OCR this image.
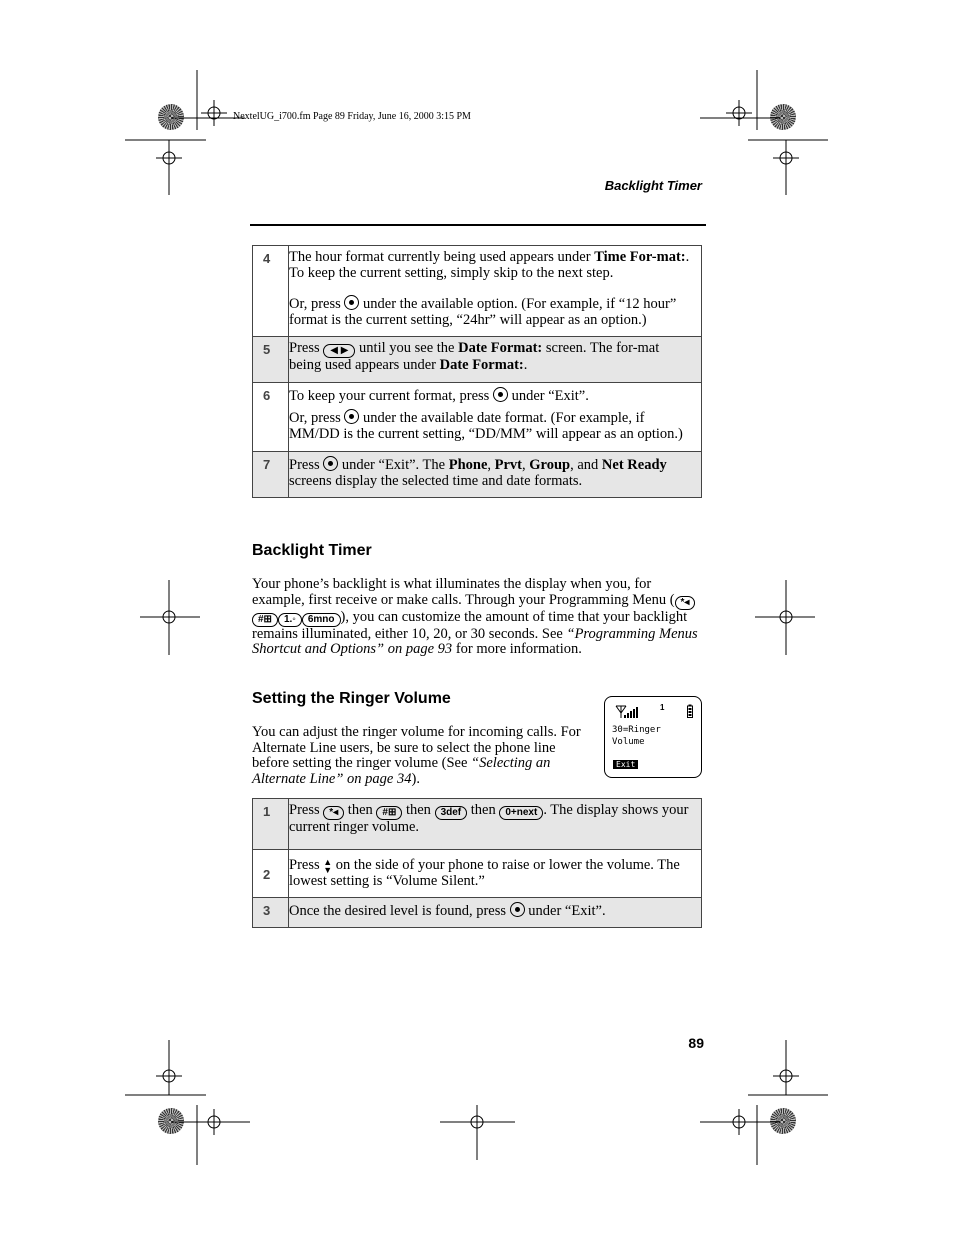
NextelUG_i700.fm Page 89 Friday, June 16, 2000 3:15 PM
Backlight Timer
4	The hour format currently being used appears under Time For-mat:. To keep the current setting, simply skip to the next step.
Or, press  under the available option. (For example, if “12 hour” format is the current setting, “24hr” will appear as an option.)

5	Press ◀ ▶ until you see the Date Format: screen. The for-mat being used appears under Date Format:.
6	To keep your current format, press  under “Exit”.
Or, press  under the available date format. (For example, if MM/DD is the current setting, “DD/MM” will appear as an option.)

7	Press  under “Exit”. The Phone, Prvt, Group, and Net Ready screens display the selected time and date formats.
Backlight Timer
Your phone’s backlight is what illuminates the display when you, for example, first receive or make calls. Through your Programming Menu ( *◂#⊞ 1.◦ 6mno ), you can customize the amount of time that your backlight remains illuminated, either 10, 20, or 30 seconds. See “Programming Menus Shortcut and Options” on page 93 for more information.
Setting the Ringer Volume
You can adjust the ringer volume for incoming calls. For Alternate Line users, be sure to select the phone line before setting the ringer volume (See “Selecting an Alternate Line” on page 34).
1
30=Ringer
Volume
Exit
1	Press *◂ then #⊞ then 3def then 0+next . The display shows your current ringer volume.
2	Press ▲
▼ on the side of your phone to raise or lower the volume. The lowest setting is “Volume Silent.”
3	Once the desired level is found, press  under “Exit”.
89
